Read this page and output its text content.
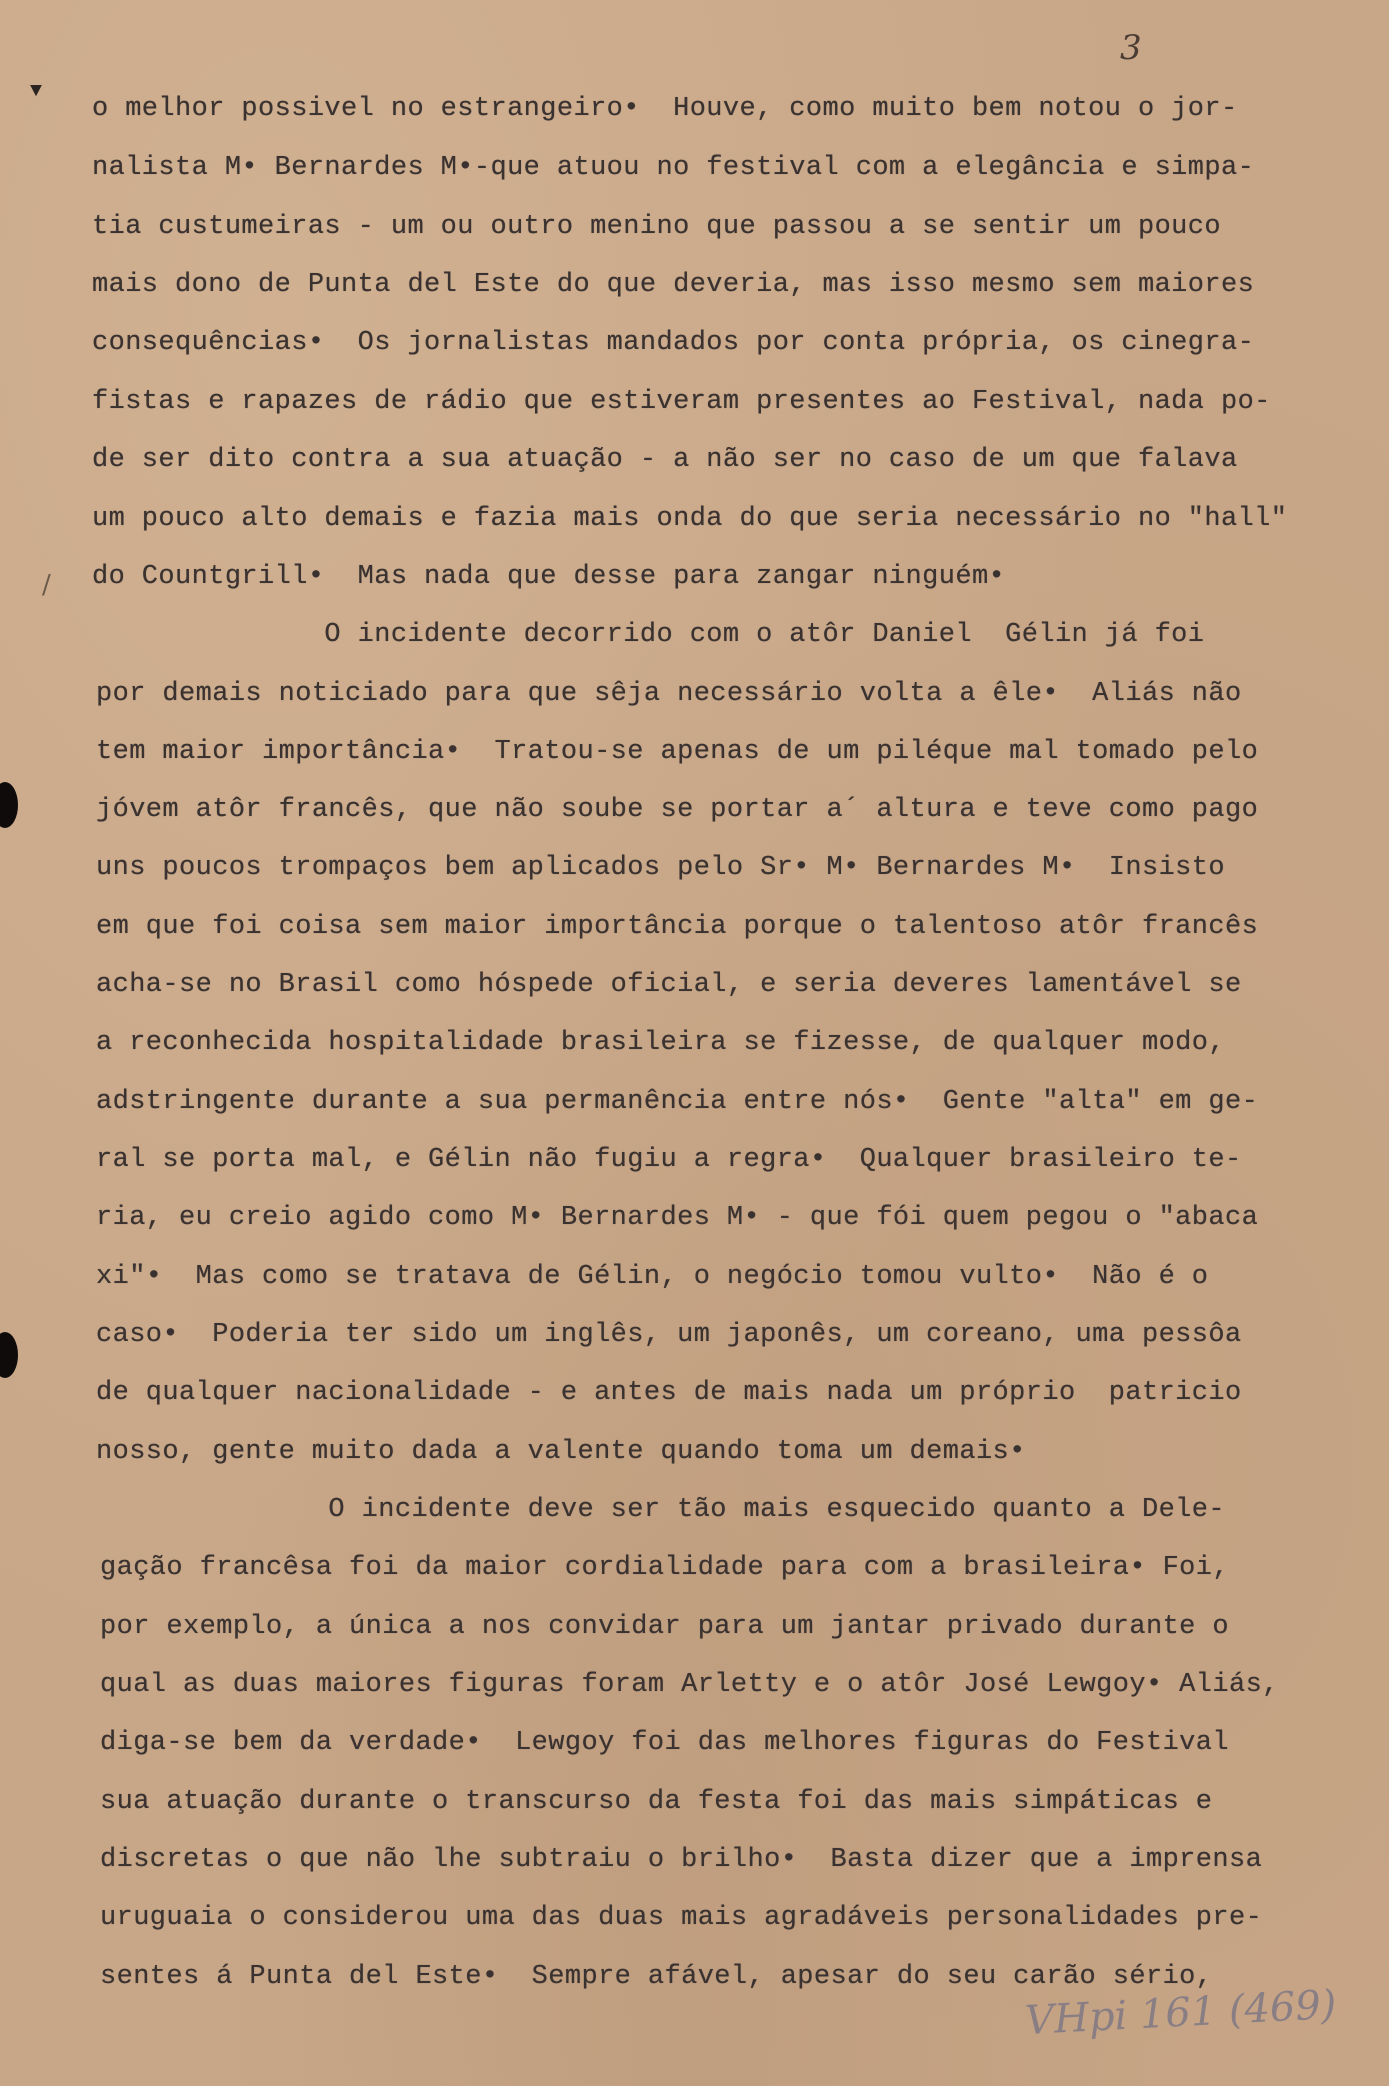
3
▼
/
o melhor possivel no estrangeiro•  Houve, como muito bem notou o jor-
nalista M• Bernardes M•-que atuou no festival com a elegância e simpa-
tia custumeiras - um ou outro menino que passou a se sentir um pouco
mais dono de Punta del Este do que deveria, mas isso mesmo sem maiores
consequências•  Os jornalistas mandados por conta própria, os cinegra-
fistas e rapazes de rádio que estiveram presentes ao Festival, nada po-
de ser dito contra a sua atuação - a não ser no caso de um que falava
um pouco alto demais e fazia mais onda do que seria necessário no "hall"
do Countgrill•  Mas nada que desse para zangar ninguém•
O incidente decorrido com o atôr Daniel  Gélin já foi
por demais noticiado para que sêja necessário volta a êle•  Aliás não
tem maior importância•  Tratou-se apenas de um piléque mal tomado pelo
jóvem atôr francês, que não soube se portar a´ altura e teve como pago
uns poucos trompaços bem aplicados pelo Sr• M• Bernardes M•  Insisto
em que foi coisa sem maior importância porque o talentoso atôr francês
acha-se no Brasil como hóspede oficial, e seria deveres lamentável se
a reconhecida hospitalidade brasileira se fizesse, de qualquer modo,
adstringente durante a sua permanência entre nós•  Gente "alta" em ge-
ral se porta mal, e Gélin não fugiu a regra•  Qualquer brasileiro te-
ria, eu creio agido como M• Bernardes M• - que fói quem pegou o "abaca
xi"•  Mas como se tratava de Gélin, o negócio tomou vulto•  Não é o
caso•  Poderia ter sido um inglês, um japonês, um coreano, uma pessôa
de qualquer nacionalidade - e antes de mais nada um próprio  patricio
nosso, gente muito dada a valente quando toma um demais•
O incidente deve ser tão mais esquecido quanto a Dele-
gação francêsa foi da maior cordialidade para com a brasileira• Foi,
por exemplo, a única a nos convidar para um jantar privado durante o
qual as duas maiores figuras foram Arletty e o atôr José Lewgoy• Aliás,
diga-se bem da verdade•  Lewgoy foi das melhores figuras do Festival
sua atuação durante o transcurso da festa foi das mais simpáticas e
discretas o que não lhe subtraiu o brilho•  Basta dizer que a imprensa
uruguaia o considerou uma das duas mais agradáveis personalidades pre-
sentes á Punta del Este•  Sempre afável, apesar do seu carão sério,
VHpi 161 (469)
